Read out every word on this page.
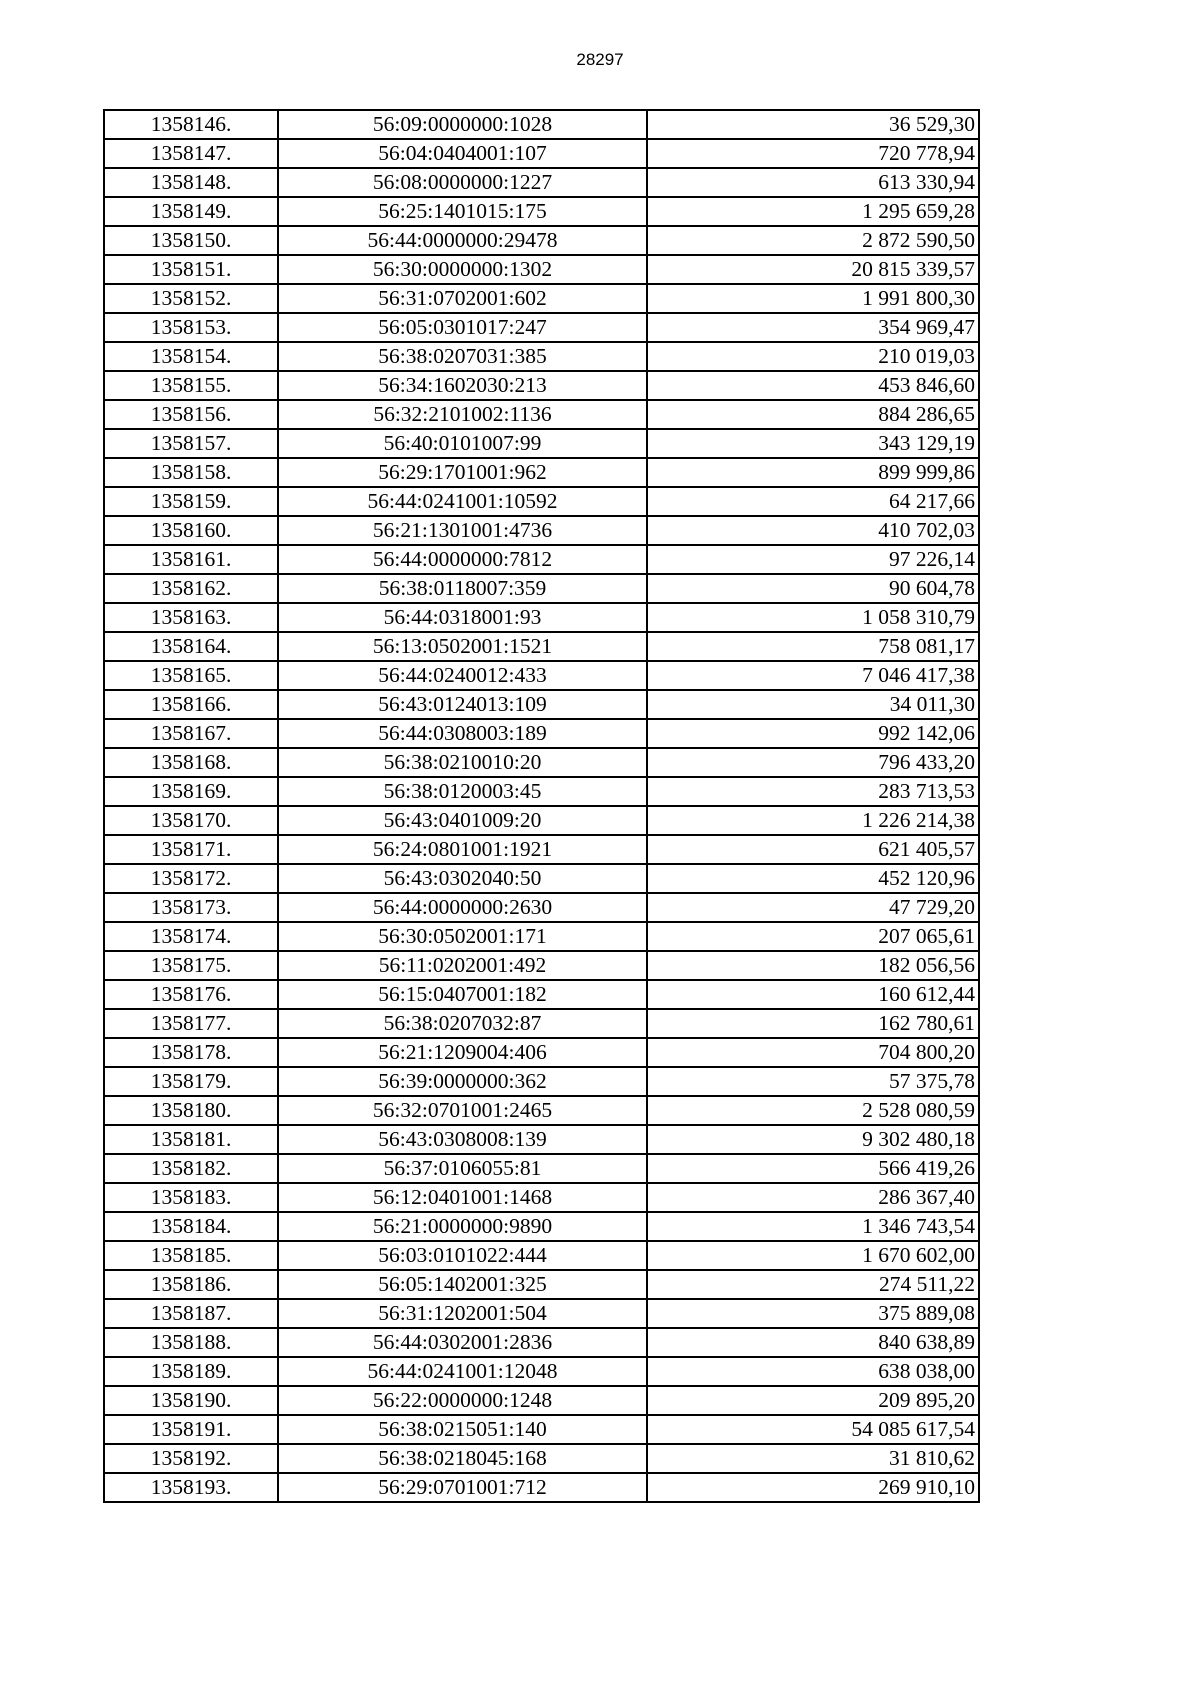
28297
1358146.	56:09:0000000:1028	36 529,30
1358147.	56:04:0404001:107	720 778,94
1358148.	56:08:0000000:1227	613 330,94
1358149.	56:25:1401015:175	1 295 659,28
1358150.	56:44:0000000:29478	2 872 590,50
1358151.	56:30:0000000:1302	20 815 339,57
1358152.	56:31:0702001:602	1 991 800,30
1358153.	56:05:0301017:247	354 969,47
1358154.	56:38:0207031:385	210 019,03
1358155.	56:34:1602030:213	453 846,60
1358156.	56:32:2101002:1136	884 286,65
1358157.	56:40:0101007:99	343 129,19
1358158.	56:29:1701001:962	899 999,86
1358159.	56:44:0241001:10592	64 217,66
1358160.	56:21:1301001:4736	410 702,03
1358161.	56:44:0000000:7812	97 226,14
1358162.	56:38:0118007:359	90 604,78
1358163.	56:44:0318001:93	1 058 310,79
1358164.	56:13:0502001:1521	758 081,17
1358165.	56:44:0240012:433	7 046 417,38
1358166.	56:43:0124013:109	34 011,30
1358167.	56:44:0308003:189	992 142,06
1358168.	56:38:0210010:20	796 433,20
1358169.	56:38:0120003:45	283 713,53
1358170.	56:43:0401009:20	1 226 214,38
1358171.	56:24:0801001:1921	621 405,57
1358172.	56:43:0302040:50	452 120,96
1358173.	56:44:0000000:2630	47 729,20
1358174.	56:30:0502001:171	207 065,61
1358175.	56:11:0202001:492	182 056,56
1358176.	56:15:0407001:182	160 612,44
1358177.	56:38:0207032:87	162 780,61
1358178.	56:21:1209004:406	704 800,20
1358179.	56:39:0000000:362	57 375,78
1358180.	56:32:0701001:2465	2 528 080,59
1358181.	56:43:0308008:139	9 302 480,18
1358182.	56:37:0106055:81	566 419,26
1358183.	56:12:0401001:1468	286 367,40
1358184.	56:21:0000000:9890	1 346 743,54
1358185.	56:03:0101022:444	1 670 602,00
1358186.	56:05:1402001:325	274 511,22
1358187.	56:31:1202001:504	375 889,08
1358188.	56:44:0302001:2836	840 638,89
1358189.	56:44:0241001:12048	638 038,00
1358190.	56:22:0000000:1248	209 895,20
1358191.	56:38:0215051:140	54 085 617,54
1358192.	56:38:0218045:168	31 810,62
1358193.	56:29:0701001:712	269 910,10
